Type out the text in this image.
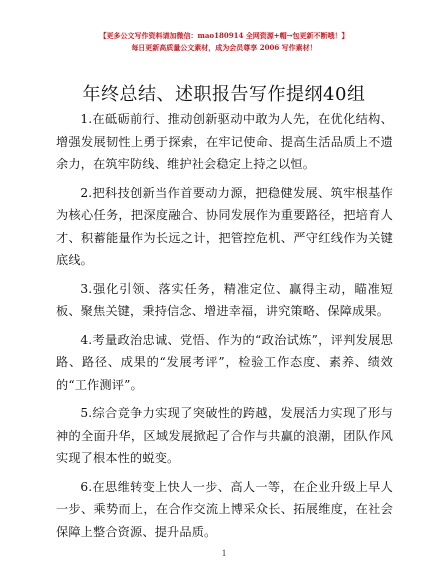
【更多公文写作资料请加微信：mao180914 全网资源+帽→包更新不断哦！】
每日更新高质量公文素材，成为会员尊享 2006 写作素材！
年终总结、述职报告写作提纲40组

1.在砥砺前行、推动创新驱动中敢为人先，在优化结构、增强发展韧性上勇于探索，在牢记使命、提高生活品质上不遗余力，在筑牢防线、维护社会稳定上持之以恒。

2.把科技创新当作首要动力源，把稳健发展、筑牢根基作为核心任务，把深度融合、协同发展作为重要路径，把培育人才、积蓄能量作为长远之计，把管控危机、严守红线作为关键底线。

3.强化引领、落实任务，精准定位、赢得主动，瞄准短板、聚焦关键，秉持信念、增进幸福，讲究策略、保障成果。

4.考量政治忠诚、党悟、作为的“政治试炼”，评判发展思路、路径、成果的“发展考评”，检验工作态度、素养、绩效的“工作测评”。

5.综合竞争力实现了突破性的跨越，发展活力实现了形与神的全面升华，区域发展掀起了合作与共赢的浪潮，团队作风实现了根本性的蜕变。

6.在思维转变上快人一步、高人一等，在企业升级上早人一步、乘势而上，在合作交流上博采众长、拓展维度，在社会保障上整合资源、提升品质。

1
